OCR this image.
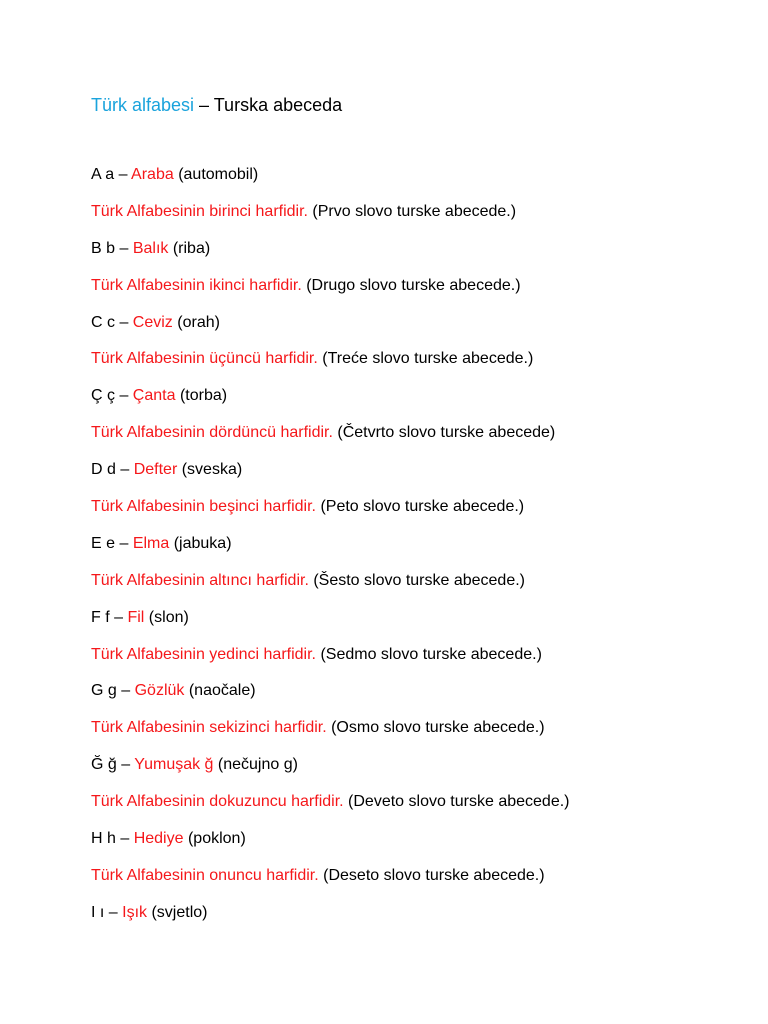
Türk alfabesi – Turska abeceda
A a – Araba (automobil)
Türk Alfabesinin birinci harfidir. (Prvo slovo turske abecede.)
B b – Balık (riba)
Türk Alfabesinin ikinci harfidir. (Drugo slovo turske abecede.)
C c – Ceviz (orah)
Türk Alfabesinin üçüncü harfidir. (Treće slovo turske abecede.)
Ç ç – Çanta (torba)
Türk Alfabesinin dördüncü harfidir. (Četvrto slovo turske abecede)
D d – Defter (sveska)
Türk Alfabesinin beşinci harfidir. (Peto slovo turske abecede.)
E e – Elma (jabuka)
Türk Alfabesinin altıncı harfidir. (Šesto slovo turske abecede.)
F f – Fil (slon)
Türk Alfabesinin yedinci harfidir. (Sedmo slovo turske abecede.)
G g – Gözlük (naočale)
Türk Alfabesinin sekizinci harfidir. (Osmo slovo turske abecede.)
Ğ ğ – Yumuşak ğ (nečujno g)
Türk Alfabesinin dokuzuncu harfidir. (Deveto slovo turske abecede.)
H h – Hediye (poklon)
Türk Alfabesinin onuncu harfidir. (Deseto slovo turske abecede.)
I ı – Işık (svjetlo)
